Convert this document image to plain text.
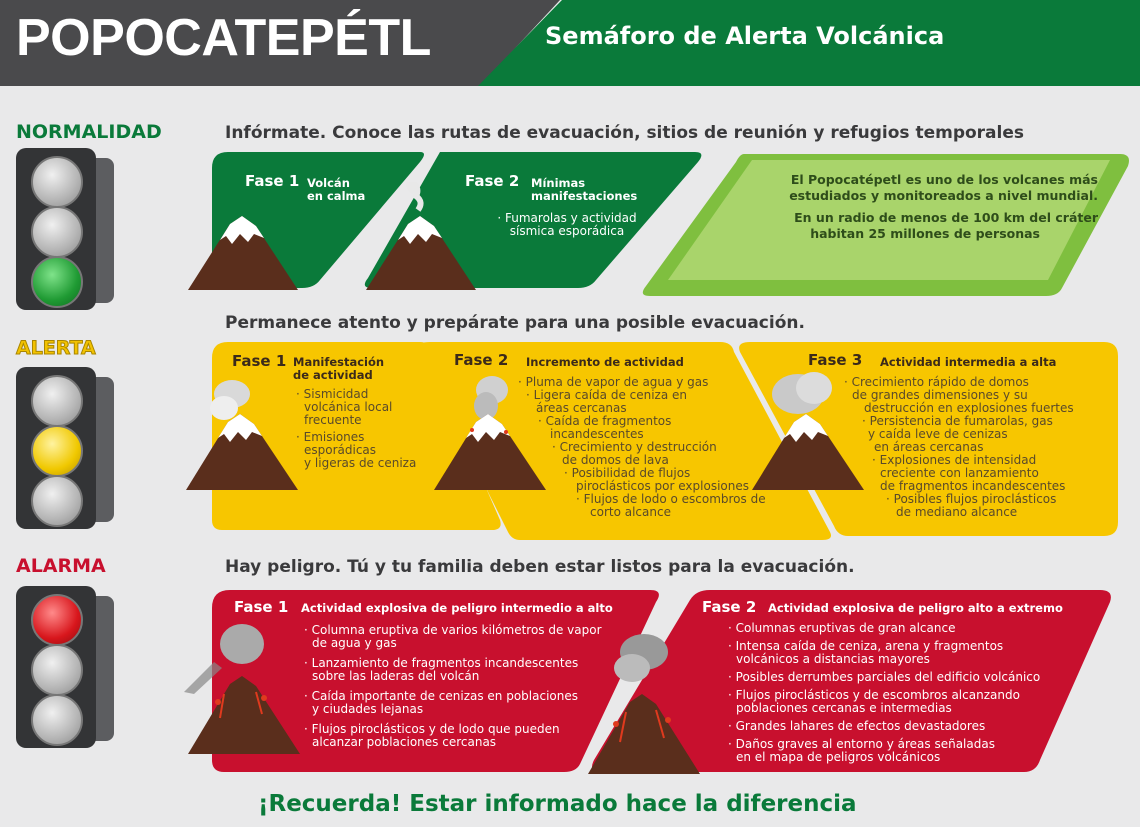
POPOCATEPÉTL	Semáforo de Alerta Volcánica
NORMALIDAD
ALERTA
ALARMA
Infórmate. Conoce las rutas de evacuación, sitios de reunión y refugios temporales
Permanece atento y prepárate para una posible evacuación.
Hay peligro. Tú y tu familia deben estar listos para la evacuación.
Fase 1 Volcán
en calma
Fase 2 Mínimas
manifestaciones
· Fumarolas y actividad
sísmica esporádica
El Popocatépetl es uno de los volcanes más
estudiados y monitoreados a nivel mundial.
En un radio de menos de 100 km del cráter
habitan 25 millones de personas
Fase 1 Manifestación
de actividad
· Sismicidad
volcánica local
frecuente
· Emisiones
esporádicas
y ligeras de ceniza
Fase 2 Incremento de actividad
· Pluma de vapor de agua y gas
· Ligera caída de ceniza en
áreas cercanas
· Caída de fragmentos
incandescentes
· Crecimiento y destrucción
de domos de lava
· Posibilidad de flujos
piroclásticos por explosiones
· Flujos de lodo o escombros de
corto alcance
Fase 3 Actividad intermedia a alta
· Crecimiento rápido de domos
de grandes dimensiones y su
destrucción en explosiones fuertes
· Persistencia de fumarolas, gas
y caída leve de cenizas
en áreas cercanas
· Explosiones de intensidad
creciente con lanzamiento
de fragmentos incandescentes
· Posibles flujos piroclásticos
de mediano alcance
Fase 1 Actividad explosiva de peligro intermedio a alto
· Columna eruptiva de varios kilómetros de vapor
de agua y gas
· Lanzamiento de fragmentos incandescentes
sobre las laderas del volcán
· Caída importante de cenizas en poblaciones
y ciudades lejanas
· Flujos piroclásticos y de lodo que pueden
alcanzar poblaciones cercanas
Fase 2 Actividad explosiva de peligro alto a extremo
· Columnas eruptivas de gran alcance
· Intensa caída de ceniza, arena y fragmentos
volcánicos a distancias mayores
· Posibles derrumbes parciales del edificio volcánico
· Flujos piroclásticos y de escombros alcanzando
poblaciones cercanas e intermedias
· Grandes lahares de efectos devastadores
· Daños graves al entorno y áreas señaladas
en el mapa de peligros volcánicos
¡Recuerda! Estar informado hace la diferencia
